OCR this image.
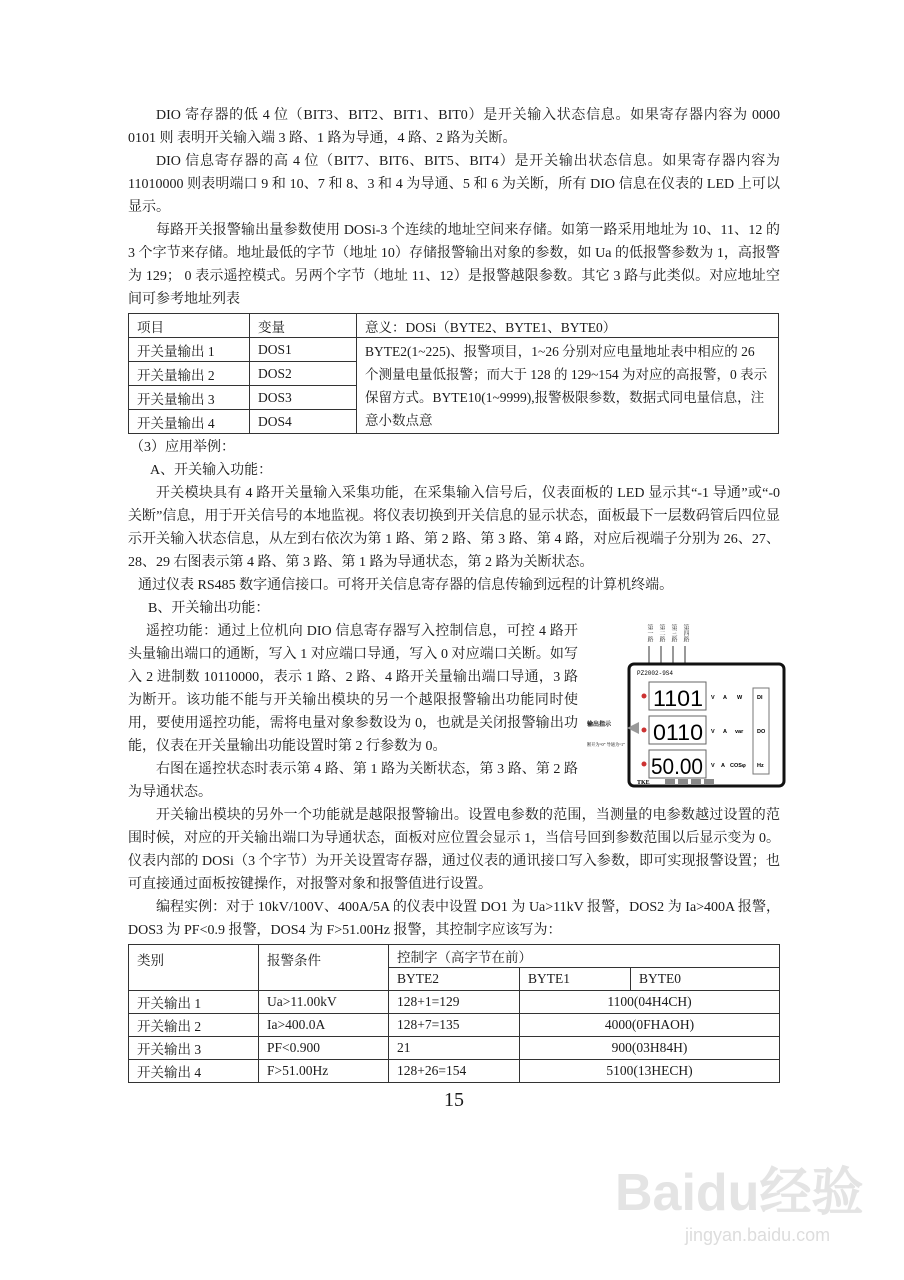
DIO 寄存器的低 4 位（BIT3、BIT2、BIT1、BIT0）是开关输入状态信息。如果寄存器内容为 0000 0101 则 表明开关输入端 3 路、1 路为导通，4 路、2 路为关断。
DIO 信息寄存器的高 4 位（BIT7、BIT6、BIT5、BIT4）是开关输出状态信息。如果寄存器内容为 11010000 则表明端口 9 和 10、7 和 8、3 和 4 为导通、5 和 6 为关断，所有 DIO 信息在仪表的 LED 上可以显示。
每路开关报警输出量参数使用 DOSi-3 个连续的地址空间来存储。如第一路采用地址为 10、11、12 的 3 个字节来存储。地址最低的字节（地址 10）存储报警输出对象的参数，如 Ua 的低报警参数为 1，高报警为 129； 0 表示遥控模式。另两个字节（地址 11、12）是报警越限参数。其它 3 路与此类似。对应地址空间可参考地址列表
项目	变量	意义：DOSi（BYTE2、BYTE1、BYTE0）
开关量输出 1	DOS1	BYTE2(1~225)、报警项目，1~26 分别对应电量地址表中相应的 26 个测量电量低报警；而大于 128 的 129~154 为对应的高报警，0 表示保留方式。BYTE10(1~9999),报警极限参数，数据式同电量信息，注意小数点意
开关量输出 2	DOS2	
开关量输出 3	DOS3	
开关量输出 4	DOS4	
（3）应用举例：
A、开关输入功能：
开关模块具有 4 路开关量输入采集功能，在采集输入信号后，仪表面板的 LED 显示其“-1 导通”或“-0 关断”信息，用于开关信号的本地监视。将仪表切换到开关信息的显示状态，面板最下一层数码管后四位显示开关输入状态信息，从左到右依次为第 1 路、第 2 路、第 3 路、第 4 路，对应后视端子分别为 26、27、28、29 右图表示第 4 路、第 3 路、第 1 路为导通状态，第 2 路为关断状态。
通过仪表 RS485 数字通信接口。可将开关信息寄存器的信息传输到远程的计算机终端。
B、开关输出功能：
遥控功能：通过上位机向 DIO 信息寄存器写入控制信息，可控 4 路开头量输出端口的通断，写入 1 对应端口导通，写入 0 对应端口关断。如写入 2 进制数 10110000，表示 1 路、2 路、4 路开关量输出端口导通，3 路为断开。该功能不能与开关输出模块的另一个越限报警输出功能同时使用，要使用遥控功能，需将电量对象参数设为 0，也就是关闭报警输出功能，仪表在开关量输出功能设置时第 2 行参数为 0。
右图在遥控状态时表示第 4 路、第 1 路为关断状态，第 3 路、第 2 路为导通状态。
第一路 第二路 第三路 第四路
PZ2002-9S4
1101
0110
50.00
V A W	DI
V A var DO
V A COSφ Hz
输出指示
断开为“0” 导通为“1”
TKE
开关输出模块的另外一个功能就是越限报警输出。设置电参数的范围，当测量的电参数越过设置的范围时候，对应的开关输出端口为导通状态，面板对应位置会显示 1，当信号回到参数范围以后显示变为 0。仪表内部的 DOSi（3 个字节）为开关设置寄存器，通过仪表的通讯接口写入参数，即可实现报警设置；也可直接通过面板按键操作，对报警对象和报警值进行设置。
编程实例：对于 10kV/100V、400A/5A 的仪表中设置 DO1 为 Ua>11kV 报警，DOS2 为 Ia>400A 报警，DOS3 为 PF<0.9 报警，DOS4 为 F>51.00Hz 报警，其控制字应该写为：
类别	报警条件	控制字（高字节在前）		
		BYTE2	BYTE1	BYTE0
开关输出 1	Ua>11.00kV	128+1=129	1100(04H4CH)	
开关输出 2	Ia>400.0A	128+7=135	4000(0FHAOH)	
开关输出 3	PF<0.900	21	900(03H84H)	
开关输出 4	F>51.00Hz	128+26=154	5100(13HECH)	
15
Baidu经验
jingyan.baidu.com
